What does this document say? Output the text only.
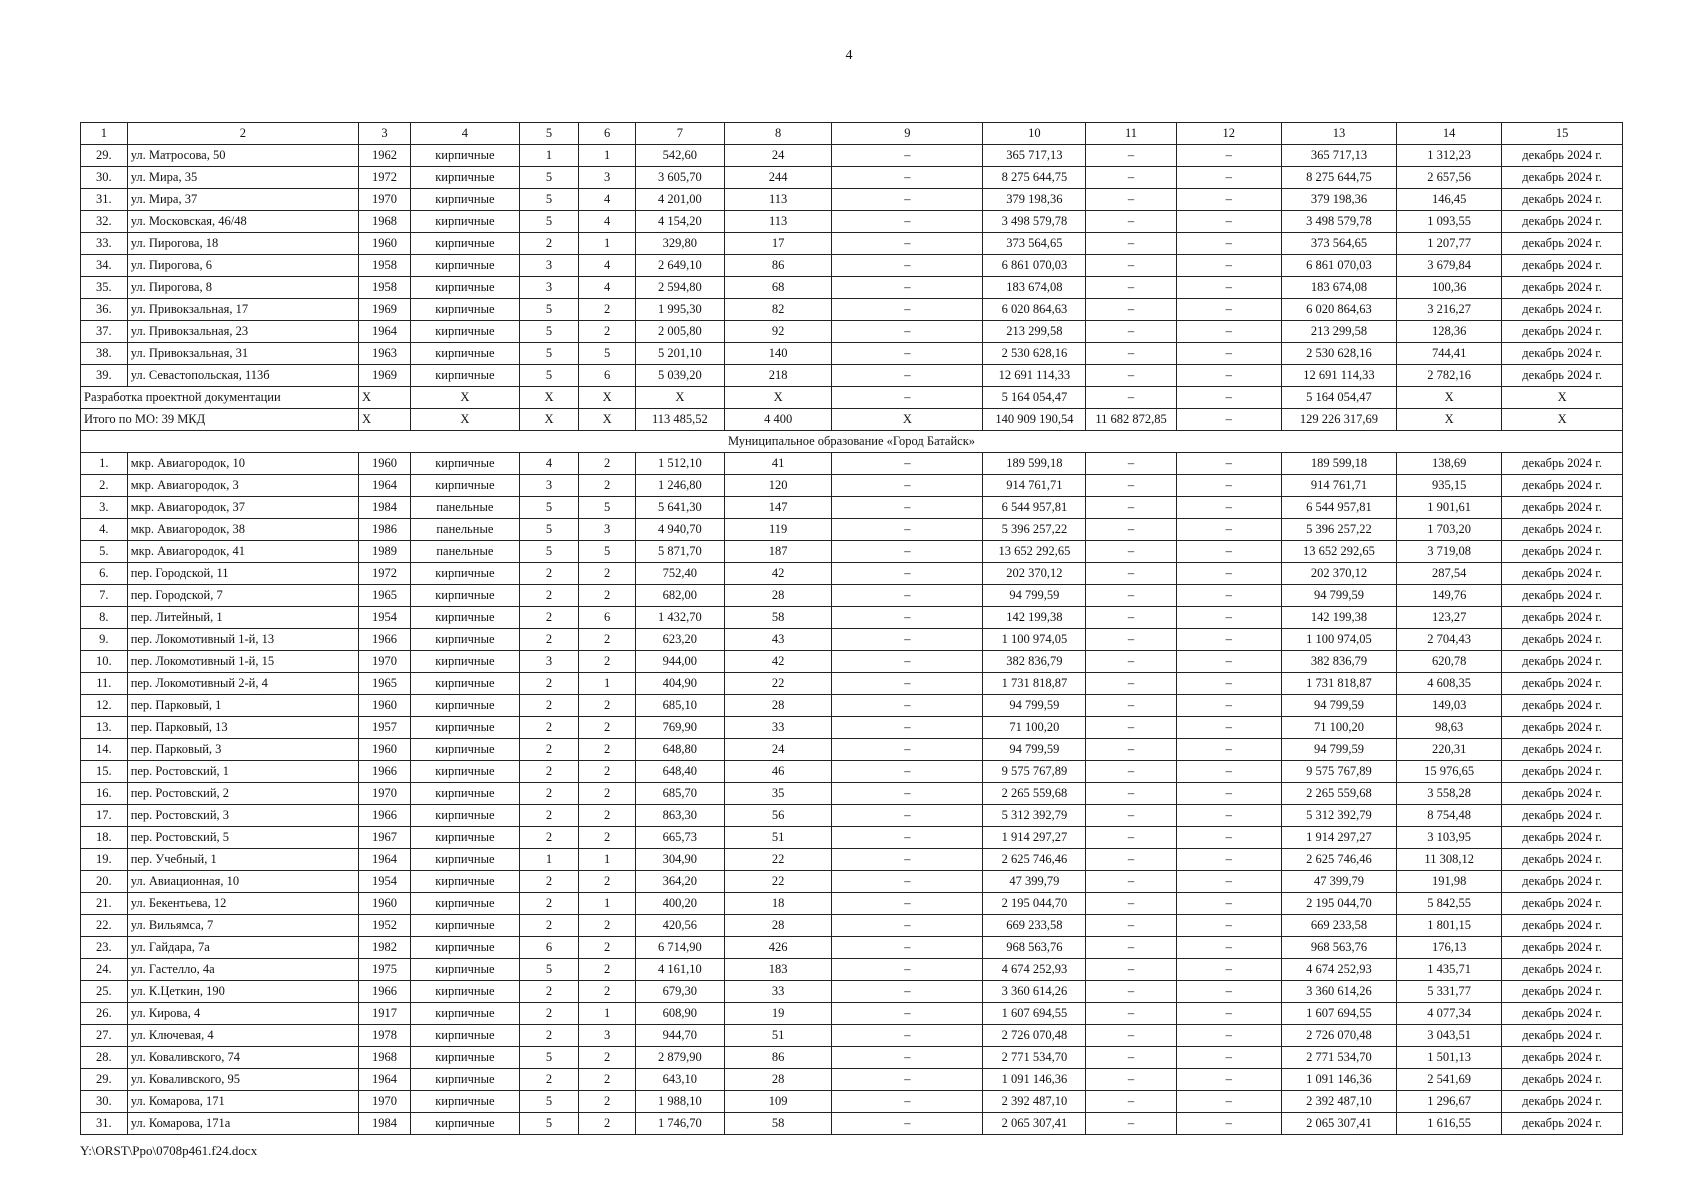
4
1	2	3	4	5	6	7	8	9	10	11	12	13	14	15
29.	ул. Матросова, 50	1962	кирпичные	1	1	542,60	24	–	365 717,13	–	–	365 717,13	1 312,23	декабрь 2024 г.
30.	ул. Мира, 35	1972	кирпичные	5	3	3 605,70	244	–	8 275 644,75	–	–	8 275 644,75	2 657,56	декабрь 2024 г.
31.	ул. Мира, 37	1970	кирпичные	5	4	4 201,00	113	–	379 198,36	–	–	379 198,36	146,45	декабрь 2024 г.
32.	ул. Московская, 46/48	1968	кирпичные	5	4	4 154,20	113	–	3 498 579,78	–	–	3 498 579,78	1 093,55	декабрь 2024 г.
33.	ул. Пирогова, 18	1960	кирпичные	2	1	329,80	17	–	373 564,65	–	–	373 564,65	1 207,77	декабрь 2024 г.
34.	ул. Пирогова, 6	1958	кирпичные	3	4	2 649,10	86	–	6 861 070,03	–	–	6 861 070,03	3 679,84	декабрь 2024 г.
35.	ул. Пирогова, 8	1958	кирпичные	3	4	2 594,80	68	–	183 674,08	–	–	183 674,08	100,36	декабрь 2024 г.
36.	ул. Привокзальная, 17	1969	кирпичные	5	2	1 995,30	82	–	6 020 864,63	–	–	6 020 864,63	3 216,27	декабрь 2024 г.
37.	ул. Привокзальная, 23	1964	кирпичные	5	2	2 005,80	92	–	213 299,58	–	–	213 299,58	128,36	декабрь 2024 г.
38.	ул. Привокзальная, 31	1963	кирпичные	5	5	5 201,10	140	–	2 530 628,16	–	–	2 530 628,16	744,41	декабрь 2024 г.
39.	ул. Севастопольская, 113б	1969	кирпичные	5	6	5 039,20	218	–	12 691 114,33	–	–	12 691 114,33	2 782,16	декабрь 2024 г.
Разработка проектной документации		X	X	X	X	X	X	–	5 164 054,47	–	–	5 164 054,47	X	X
Итого по МО: 39 МКД		X	X	X	X	113 485,52	4 400	X	140 909 190,54	11 682 872,85	–	129 226 317,69	X	X
Муниципальное образование «Город Батайск»														
1.	мкр. Авиагородок, 10	1960	кирпичные	4	2	1 512,10	41	–	189 599,18	–	–	189 599,18	138,69	декабрь 2024 г.
2.	мкр. Авиагородок, 3	1964	кирпичные	3	2	1 246,80	120	–	914 761,71	–	–	914 761,71	935,15	декабрь 2024 г.
3.	мкр. Авиагородок, 37	1984	панельные	5	5	5 641,30	147	–	6 544 957,81	–	–	6 544 957,81	1 901,61	декабрь 2024 г.
4.	мкр. Авиагородок, 38	1986	панельные	5	3	4 940,70	119	–	5 396 257,22	–	–	5 396 257,22	1 703,20	декабрь 2024 г.
5.	мкр. Авиагородок, 41	1989	панельные	5	5	5 871,70	187	–	13 652 292,65	–	–	13 652 292,65	3 719,08	декабрь 2024 г.
6.	пер. Городской, 11	1972	кирпичные	2	2	752,40	42	–	202 370,12	–	–	202 370,12	287,54	декабрь 2024 г.
7.	пер. Городской, 7	1965	кирпичные	2	2	682,00	28	–	94 799,59	–	–	94 799,59	149,76	декабрь 2024 г.
8.	пер. Литейный, 1	1954	кирпичные	2	6	1 432,70	58	–	142 199,38	–	–	142 199,38	123,27	декабрь 2024 г.
9.	пер. Локомотивный 1-й, 13	1966	кирпичные	2	2	623,20	43	–	1 100 974,05	–	–	1 100 974,05	2 704,43	декабрь 2024 г.
10.	пер. Локомотивный 1-й, 15	1970	кирпичные	3	2	944,00	42	–	382 836,79	–	–	382 836,79	620,78	декабрь 2024 г.
11.	пер. Локомотивный 2-й, 4	1965	кирпичные	2	1	404,90	22	–	1 731 818,87	–	–	1 731 818,87	4 608,35	декабрь 2024 г.
12.	пер. Парковый, 1	1960	кирпичные	2	2	685,10	28	–	94 799,59	–	–	94 799,59	149,03	декабрь 2024 г.
13.	пер. Парковый, 13	1957	кирпичные	2	2	769,90	33	–	71 100,20	–	–	71 100,20	98,63	декабрь 2024 г.
14.	пер. Парковый, 3	1960	кирпичные	2	2	648,80	24	–	94 799,59	–	–	94 799,59	220,31	декабрь 2024 г.
15.	пер. Ростовский, 1	1966	кирпичные	2	2	648,40	46	–	9 575 767,89	–	–	9 575 767,89	15 976,65	декабрь 2024 г.
16.	пер. Ростовский, 2	1970	кирпичные	2	2	685,70	35	–	2 265 559,68	–	–	2 265 559,68	3 558,28	декабрь 2024 г.
17.	пер. Ростовский, 3	1966	кирпичные	2	2	863,30	56	–	5 312 392,79	–	–	5 312 392,79	8 754,48	декабрь 2024 г.
18.	пер. Ростовский, 5	1967	кирпичные	2	2	665,73	51	–	1 914 297,27	–	–	1 914 297,27	3 103,95	декабрь 2024 г.
19.	пер. Учебный, 1	1964	кирпичные	1	1	304,90	22	–	2 625 746,46	–	–	2 625 746,46	11 308,12	декабрь 2024 г.
20.	ул. Авиационная, 10	1954	кирпичные	2	2	364,20	22	–	47 399,79	–	–	47 399,79	191,98	декабрь 2024 г.
21.	ул. Бекентьева, 12	1960	кирпичные	2	1	400,20	18	–	2 195 044,70	–	–	2 195 044,70	5 842,55	декабрь 2024 г.
22.	ул. Вильямса, 7	1952	кирпичные	2	2	420,56	28	–	669 233,58	–	–	669 233,58	1 801,15	декабрь 2024 г.
23.	ул. Гайдара, 7а	1982	кирпичные	6	2	6 714,90	426	–	968 563,76	–	–	968 563,76	176,13	декабрь 2024 г.
24.	ул. Гастелло, 4а	1975	кирпичные	5	2	4 161,10	183	–	4 674 252,93	–	–	4 674 252,93	1 435,71	декабрь 2024 г.
25.	ул. К.Цеткин, 190	1966	кирпичные	2	2	679,30	33	–	3 360 614,26	–	–	3 360 614,26	5 331,77	декабрь 2024 г.
26.	ул. Кирова, 4	1917	кирпичные	2	1	608,90	19	–	1 607 694,55	–	–	1 607 694,55	4 077,34	декабрь 2024 г.
27.	ул. Ключевая, 4	1978	кирпичные	2	3	944,70	51	–	2 726 070,48	–	–	2 726 070,48	3 043,51	декабрь 2024 г.
28.	ул. Коваливского, 74	1968	кирпичные	5	2	2 879,90	86	–	2 771 534,70	–	–	2 771 534,70	1 501,13	декабрь 2024 г.
29.	ул. Коваливского, 95	1964	кирпичные	2	2	643,10	28	–	1 091 146,36	–	–	1 091 146,36	2 541,69	декабрь 2024 г.
30.	ул. Комарова, 171	1970	кирпичные	5	2	1 988,10	109	–	2 392 487,10	–	–	2 392 487,10	1 296,67	декабрь 2024 г.
31.	ул. Комарова, 171а	1984	кирпичные	5	2	1 746,70	58	–	2 065 307,41	–	–	2 065 307,41	1 616,55	декабрь 2024 г.
Y:\ORST\Ppo\0708p461.f24.docx
